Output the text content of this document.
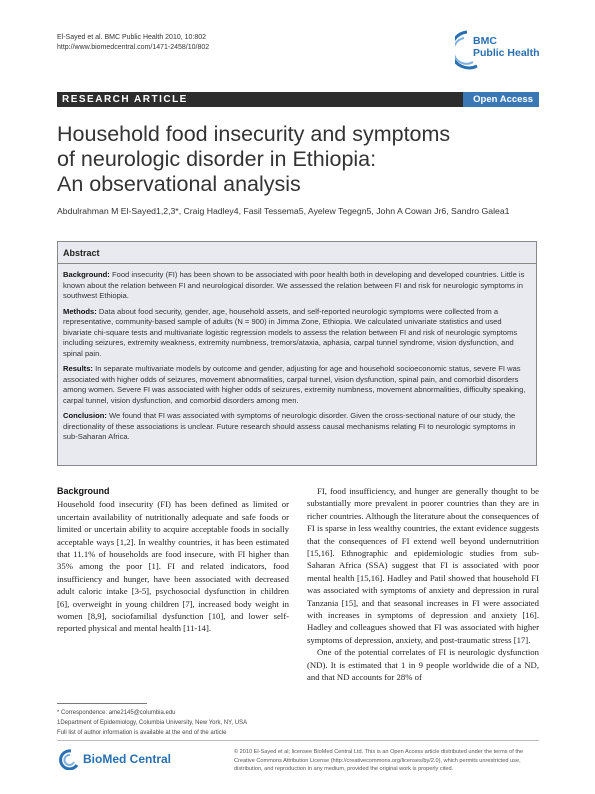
El-Sayed et al. BMC Public Health 2010, 10:802
http://www.biomedcentral.com/1471-2458/10/802
BMC
Public Health
RESEARCH ARTICLE	Open Access
Household food insecurity and symptoms
of neurologic disorder in Ethiopia:
An observational analysis
Abdulrahman M El-Sayed1,2,3*, Craig Hadley4, Fasil Tessema5, Ayelew Tegegn5, John A Cowan Jr6, Sandro Galea1
Abstract

Background: Food insecurity (FI) has been shown to be associated with poor health both in developing and developed countries. Little is known about the relation between FI and neurological disorder. We assessed the relation between FI and risk for neurologic symptoms in southwest Ethiopia.

Methods: Data about food security, gender, age, household assets, and self-reported neurologic symptoms were collected from a representative, community-based sample of adults (N = 900) in Jimma Zone, Ethiopia. We calculated univariate statistics and used bivariate chi-square tests and multivariate logistic regression models to assess the relation between FI and risk of neurologic symptoms including seizures, extremity weakness, extremity numbness, tremors/ataxia, aphasia, carpal tunnel syndrome, vision dysfunction, and spinal pain.

Results: In separate multivariate models by outcome and gender, adjusting for age and household socioeconomic status, severe FI was associated with higher odds of seizures, movement abnormalities, carpal tunnel, vision dysfunction, spinal pain, and comorbid disorders among women. Severe FI was associated with higher odds of seizures, extremity numbness, movement abnormalities, difficulty speaking, carpal tunnel, vision dysfunction, and comorbid disorders among men.

Conclusion: We found that FI was associated with symptoms of neurologic disorder. Given the cross-sectional nature of our study, the directionality of these associations is unclear. Future research should assess causal mechanisms relating FI to neurologic symptoms in sub-Saharan Africa.

Background

Household food insecurity (FI) has been defined as limited or uncertain availability of nutritionally adequate and safe foods or limited or uncertain ability to acquire acceptable foods in socially acceptable ways [1,2]. In wealthy countries, it has been estimated that 11.1% of households are food insecure, with FI higher than 35% among the poor [1]. FI and related indicators, food insufficiency and hunger, have been associated with decreased adult caloric intake [3-5], psychosocial dysfunction in children [6], overweight in young children [7], increased body weight in women [8,9], sociofamilial dysfunction [10], and lower self-reported physical and mental health [11-14].

FI, food insufficiency, and hunger are generally thought to be substantially more prevalent in poorer countries than they are in richer countries. Although the literature about the consequences of FI is sparse in less wealthy countries, the extant evidence suggests that the consequences of FI extend well beyond undernutrition [15,16]. Ethnographic and epidemiologic studies from sub-Saharan Africa (SSA) suggest that FI is associated with poor mental health [15,16]. Hadley and Patil showed that household FI was associated with symptoms of anxiety and depression in rural Tanzania [15], and that seasonal increases in FI were associated with increases in symptoms of depression and anxiety [16]. Hadley and colleagues showed that FI was associated with higher symptoms of depression, anxiety, and post-traumatic stress [17].

One of the potential correlates of FI is neurologic dysfunction (ND). It is estimated that 1 in 9 people worldwide die of a ND, and that ND accounts for 28% of

* Correspondence: ame2145@columbia.edu
1Department of Epidemiology, Columbia University, New York, NY, USA
Full list of author information is available at the end of the article
BioMed Central	© 2010 El-Sayed et al; licensee BioMed Central Ltd. This is an Open Access article distributed under the terms of the Creative Commons Attribution License (http://creativecommons.org/licenses/by/2.0), which permits unrestricted use, distribution, and reproduction in any medium, provided the original work is properly cited.
